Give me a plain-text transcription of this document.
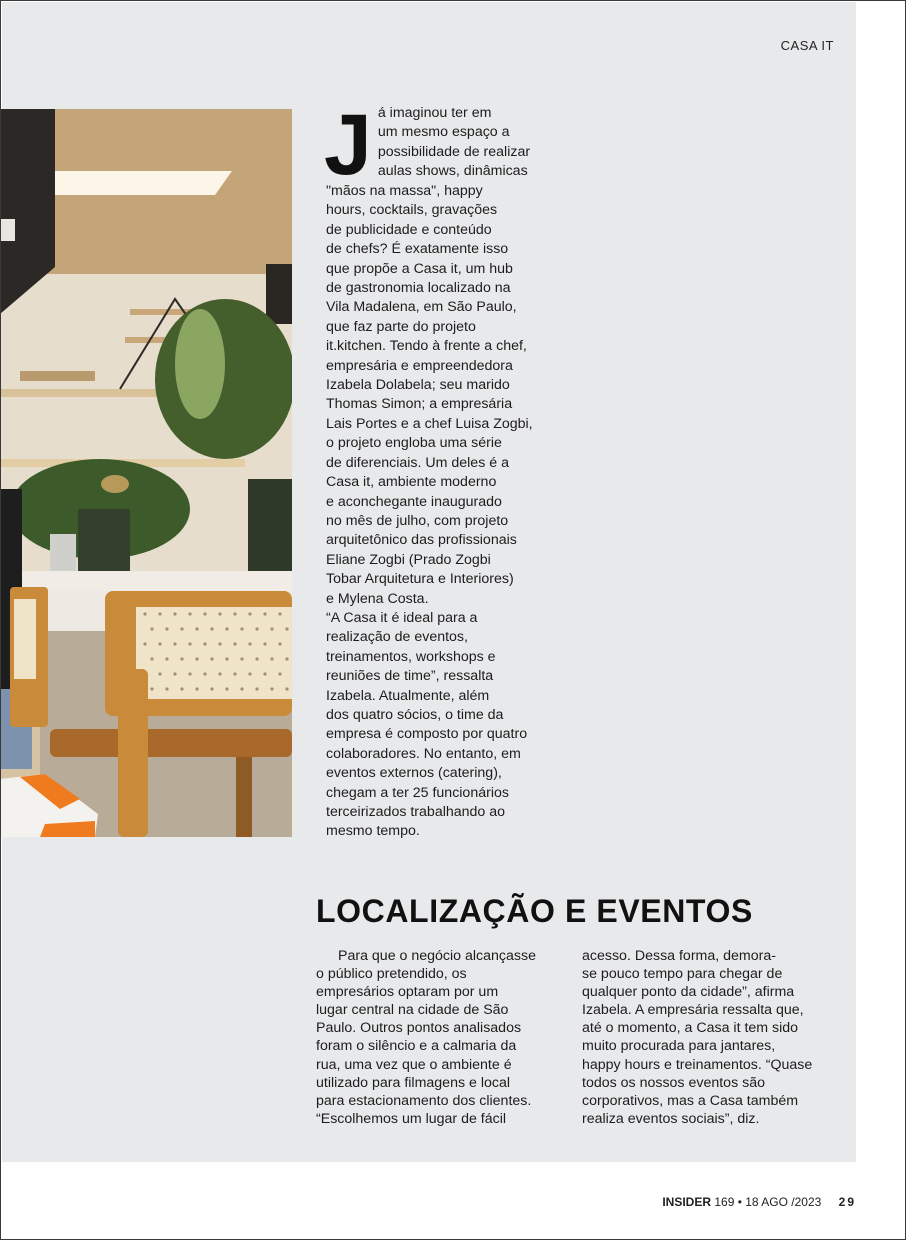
CASA IT
J á imaginou ter em

um mesmo espaço a

possibilidade de realizar

aulas shows, dinâmicas

"mãos na massa", happy

hours, cocktails, gravações

de publicidade e conteúdo

de chefs? É exatamente isso

que propõe a Casa it, um hub

de gastronomia localizado na

Vila Madalena, em São Paulo,

que faz parte do projeto

it.kitchen. Tendo à frente a chef,

empresária e empreendedora

Izabela Dolabela; seu marido

Thomas Simon; a empresária

Lais Portes e a chef Luisa Zogbi,

o projeto engloba uma série

de diferenciais. Um deles é a

Casa it, ambiente moderno

e aconchegante inaugurado

no mês de julho, com projeto

arquitetônico das profissionais

Eliane Zogbi (Prado Zogbi

Tobar Arquitetura e Interiores)

e Mylena Costa.

“A Casa it é ideal para a

realização de eventos,

treinamentos, workshops e

reuniões de time”, ressalta

Izabela. Atualmente, além

dos quatro sócios, o time da

empresa é composto por quatro

colaboradores. No entanto, em

eventos externos (catering),

chegam a ter 25 funcionários

terceirizados trabalhando ao

mesmo tempo.

LOCALIZAÇÃO E EVENTOS

Para que o negócio alcançasse

o público pretendido, os

empresários optaram por um

lugar central na cidade de São

Paulo. Outros pontos analisados

foram o silêncio e a calmaria da

rua, uma vez que o ambiente é

utilizado para filmagens e local

para estacionamento dos clientes.

“Escolhemos um lugar de fácil

acesso. Dessa forma, demora-

se pouco tempo para chegar de

qualquer ponto da cidade”, afirma

Izabela. A empresária ressalta que,

até o momento, a Casa it tem sido

muito procurada para jantares,

happy hours e treinamentos. “Quase

todos os nossos eventos são

corporativos, mas a Casa também

realiza eventos sociais”, diz.

INSIDER 169 • 18 AGO /2023 29
